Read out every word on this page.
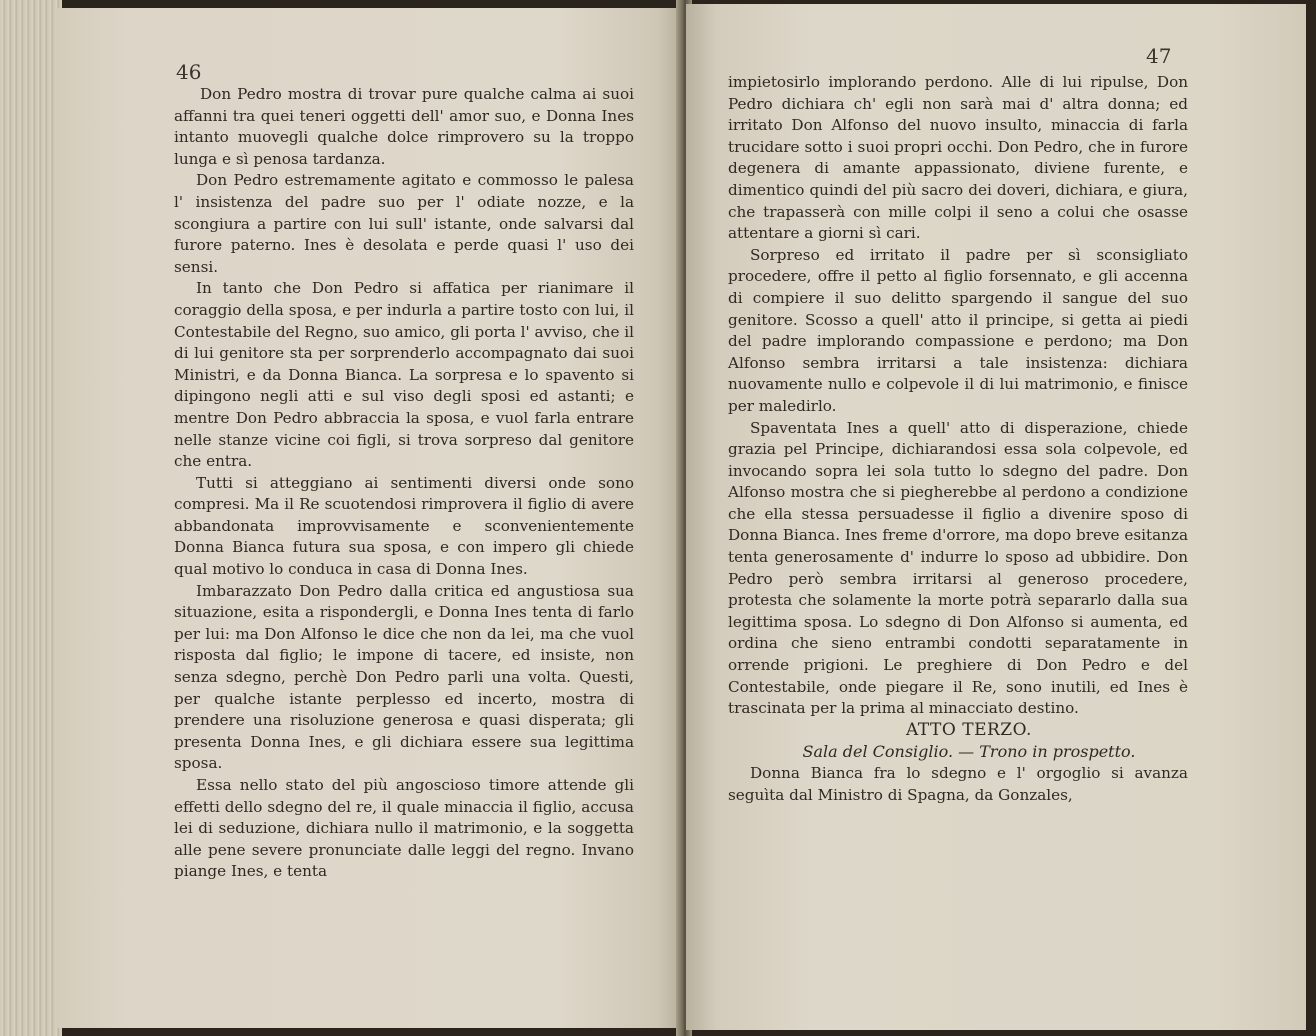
46

Don Pedro mostra di trovar pure qualche calma ai suoi affanni tra quei teneri oggetti dell' amor suo, e Donna Ines intanto muovegli qualche dolce rimprovero su la troppo lunga e sì penosa tardanza.

Don Pedro estremamente agitato e commosso le palesa l' insistenza del padre suo per l' odiate nozze, e la scongiura a partire con lui sull' istante, onde salvarsi dal furore paterno. Ines è desolata e perde quasi l' uso dei sensi.

In tanto che Don Pedro si affatica per rianimare il coraggio della sposa, e per indurla a partire tosto con lui, il Contestabile del Regno, suo amico, gli porta l' avviso, che il di lui genitore sta per sorprenderlo accompagnato dai suoi Ministri, e da Donna Bianca. La sorpresa e lo spavento si dipingono negli atti e sul viso degli sposi ed astanti; e mentre Don Pedro abbraccia la sposa, e vuol farla entrare nelle stanze vicine coi figli, si trova sorpreso dal genitore che entra.

Tutti si atteggiano ai sentimenti diversi onde sono compresi. Ma il Re scuotendosi rimprovera il figlio di avere abbandonata improvvisamente e sconvenientemente Donna Bianca futura sua sposa, e con impero gli chiede qual motivo lo conduca in casa di Donna Ines.

Imbarazzato Don Pedro dalla critica ed angustiosa sua situazione, esita a rispondergli, e Donna Ines tenta di farlo per lui: ma Don Alfonso le dice che non da lei, ma che vuol risposta dal figlio; le impone di tacere, ed insiste, non senza sdegno, perchè Don Pedro parli una volta. Questi, per qualche istante perplesso ed incerto, mostra di prendere una risoluzione generosa e quasi disperata; gli presenta Donna Ines, e gli dichiara essere sua legittima sposa.

Essa nello stato del più angoscioso timore attende gli effetti dello sdegno del re, il quale minaccia il figlio, accusa lei di seduzione, dichiara nullo il matrimonio, e la soggetta alle pene severe pronunciate dalle leggi del regno. Invano piange Ines, e tenta

47

impietosirlo implorando perdono. Alle di lui ripulse, Don Pedro dichiara ch' egli non sarà mai d' altra donna; ed irritato Don Alfonso del nuovo insulto, minaccia di farla trucidare sotto i suoi propri occhi. Don Pedro, che in furore degenera di amante appassionato, diviene furente, e dimentico quindi del più sacro dei doveri, dichiara, e giura, che trapasserà con mille colpi il seno a colui che osasse attentare a giorni sì cari.

Sorpreso ed irritato il padre per sì sconsigliato procedere, offre il petto al figlio forsennato, e gli accenna di compiere il suo delitto spargendo il sangue del suo genitore. Scosso a quell' atto il principe, si getta ai piedi del padre implorando compassione e perdono; ma Don Alfonso sembra irritarsi a tale insistenza: dichiara nuovamente nullo e colpevole il di lui matrimonio, e finisce per maledirlo.

Spaventata Ines a quell' atto di disperazione, chiede grazia pel Principe, dichiarandosi essa sola colpevole, ed invocando sopra lei sola tutto lo sdegno del padre. Don Alfonso mostra che si piegherebbe al perdono a condizione che ella stessa persuadesse il figlio a divenire sposo di Donna Bianca. Ines freme d'orrore, ma dopo breve esitanza tenta generosamente d' indurre lo sposo ad ubbidire. Don Pedro però sembra irritarsi al generoso procedere, protesta che solamente la morte potrà separarlo dalla sua legittima sposa. Lo sdegno di Don Alfonso si aumenta, ed ordina che sieno entrambi condotti separatamente in orrende prigioni. Le preghiere di Don Pedro e del Contestabile, onde piegare il Re, sono inutili, ed Ines è trascinata per la prima al minacciato destino.

ATTO TERZO.

Sala del Consiglio. — Trono in prospetto.

Donna Bianca fra lo sdegno e l' orgoglio si avanza seguìta dal Ministro di Spagna, da Gonzales,
